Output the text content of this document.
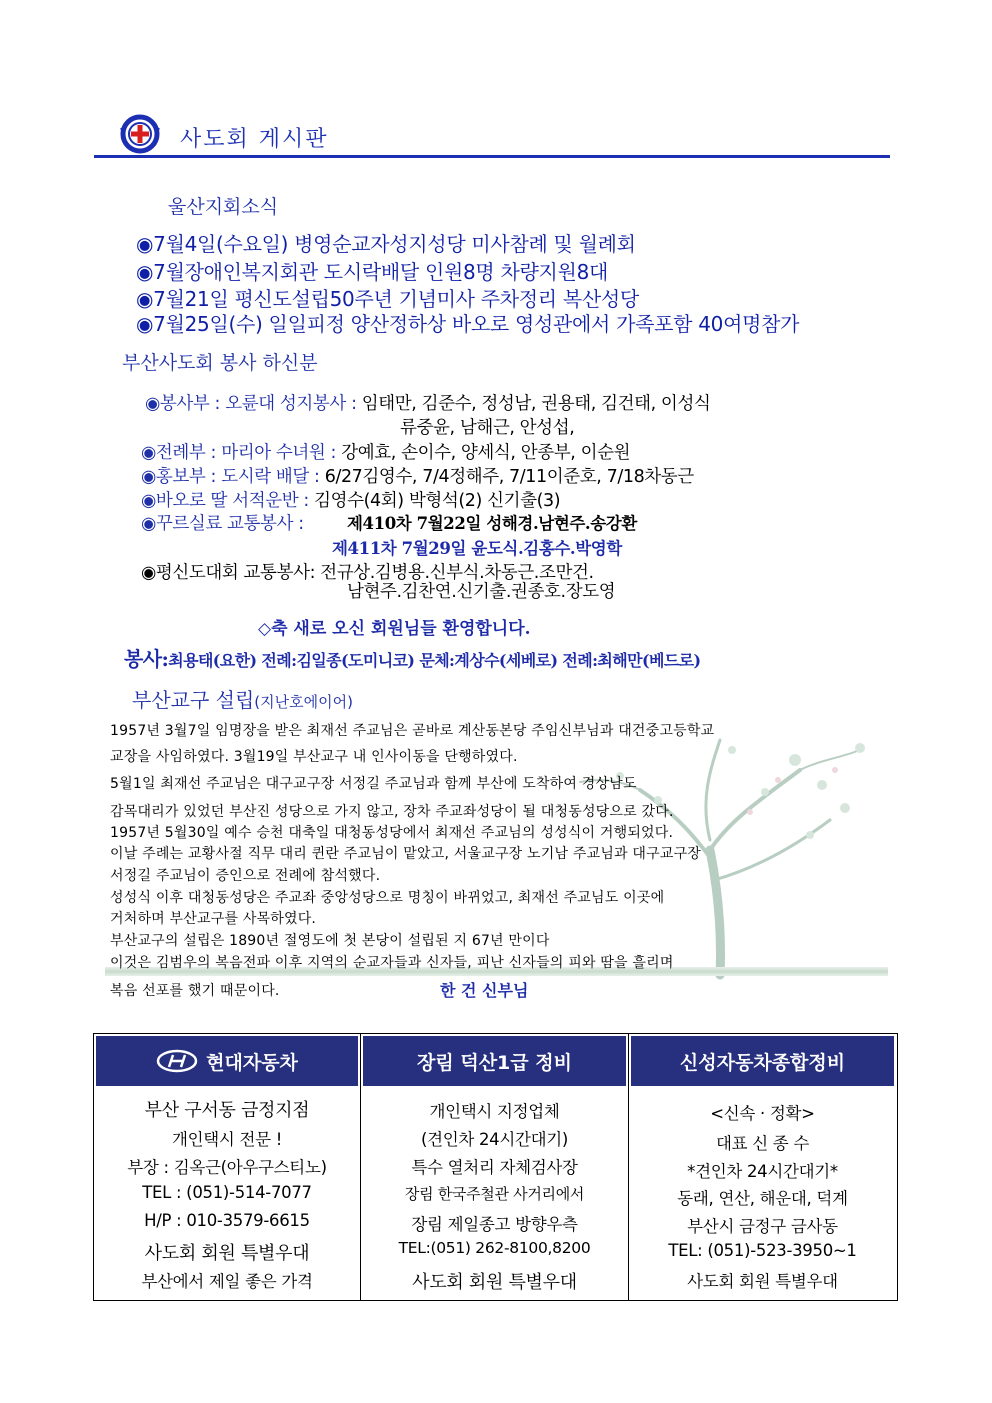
사도회 게시판
울산지회소식
◉7월4일(수요일) 병영순교자성지성당 미사참례 및 월례회
◉7월장애인복지회관 도시락배달 인원8명 차량지원8대
◉7월21일 평신도설립50주년 기념미사 주차정리 복산성당
◉7월25일(수) 일일피정 양산정하상 바오로 영성관에서 가족포함 40여명참가
부산사도회 봉사 하신분
◉봉사부 : 오륜대 성지봉사 : 임태만, 김준수, 정성남, 권용태, 김건태, 이성식
류중윤, 남해근, 안성섭,
◉전례부 : 마리아 수녀원 : 강예효, 손이수, 양세식, 안종부, 이순원
◉홍보부 : 도시락 배달 : 6/27김영수, 7/4정해주, 7/11이준호, 7/18차동근
◉바오로 딸 서적운반 : 김영수(4회) 박형석(2) 신기출(3)
◉꾸르실료 교통봉사 :	제410차 7월22일 성해경.남현주.송강환
제411차 7월29일 윤도식.김홍수.박영학
◉평신도대회 교통봉사: 전규상.김병용.신부식.차동근.조만건.
남현주.김찬연.신기출.권종호.장도영
◇축 새로 오신 회원님들 환영합니다.
봉사:최용태(요한) 전례:김일종(도미니코) 문체:계상수(세베로) 전례:최해만(베드로)
부산교구 설립(지난호에이어)
1957년 3월7일 임명장을 받은 최재선 주교님은 곧바로 계산동본당 주임신부님과 대건중고등학교
교장을 사임하였다. 3월19일 부산교구 내 인사이동을 단행하였다.
5월1일 최재선 주교님은 대구교구장 서정길 주교님과 함께 부산에 도착하여 경상남도
감목대리가 있었던 부산진 성당으로 가지 않고, 장차 주교좌성당이 될 대청동성당으로 갔다.
1957년 5월30일 예수 승천 대축일 대청동성당에서 최재선 주교님의 성성식이 거행되었다.
이날 주례는 교황사절 직무 대리 퀸란 주교님이 맡았고, 서울교구장 노기남 주교님과 대구교구장
서정길 주교님이 증인으로 전례에 참석했다.
성성식 이후 대청동성당은 주교좌 중앙성당으로 명칭이 바뀌었고, 최재선 주교님도 이곳에
거처하며 부산교구를 사목하였다.
부산교구의 설립은 1890년 절영도에 첫 본당이 설립된 지 67년 만이다
이것은 김범우의 복음전파 이후 지역의 순교자들과 신자들, 피난 신자들의 피와 땀을 흘리며
복음 선포를 했기 때문이다.	한 건 신부님
현대자동차
부산 구서동 금정지점
개인택시 전문 !
부장 : 김옥근(아우구스티노)
TEL : (051)-514-7077
H/P : 010-3579-6615
사도회 회원 특별우대
부산에서 제일 좋은 가격
장림 덕산1급 정비
개인택시 지정업체
(견인차 24시간대기)
특수 열처리 자체검사장
장림 한국주철관 사거리에서
장림 제일종고 방향우측
TEL:(051) 262-8100,8200
사도회 회원 특별우대
신성자동차종합정비
<신속 · 정확>
대표 신 종 수
*견인차 24시간대기*
동래, 연산, 해운대, 덕계
부산시 금정구 금사동
TEL: (051)-523-3950~1
사도회 회원 특별우대
